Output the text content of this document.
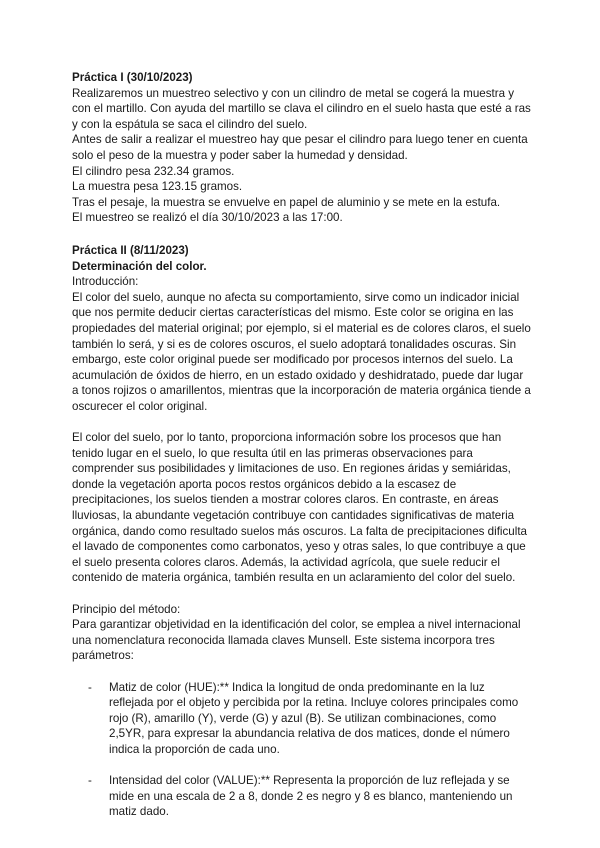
Práctica I (30/10/2023)

Realizaremos un muestreo selectivo y con un cilindro de metal se cogerá la muestra y con el martillo. Con ayuda del martillo se clava el cilindro en el suelo hasta que esté a ras y con la espátula se saca el cilindro del suelo.

Antes de salir a realizar el muestreo hay que pesar el cilindro para luego tener en cuenta solo el peso de la muestra y poder saber la humedad y densidad.

El cilindro pesa 232.34 gramos.

La muestra pesa 123.15 gramos.

Tras el pesaje, la muestra se envuelve en papel de aluminio y se mete en la estufa.

El muestreo se realizó el día 30/10/2023 a las 17:00.

Práctica II (8/11/2023)

Determinación del color.

Introducción:

El color del suelo, aunque no afecta su comportamiento, sirve como un indicador inicial que nos permite deducir ciertas características del mismo. Este color se origina en las propiedades del material original; por ejemplo, si el material es de colores claros, el suelo también lo será, y si es de colores oscuros, el suelo adoptará tonalidades oscuras. Sin embargo, este color original puede ser modificado por procesos internos del suelo. La acumulación de óxidos de hierro, en un estado oxidado y deshidratado, puede dar lugar a tonos rojizos o amarillentos, mientras que la incorporación de materia orgánica tiende a oscurecer el color original.

El color del suelo, por lo tanto, proporciona información sobre los procesos que han tenido lugar en el suelo, lo que resulta útil en las primeras observaciones para comprender sus posibilidades y limitaciones de uso. En regiones áridas y semiáridas, donde la vegetación aporta pocos restos orgánicos debido a la escasez de precipitaciones, los suelos tienden a mostrar colores claros. En contraste, en áreas lluviosas, la abundante vegetación contribuye con cantidades significativas de materia orgánica, dando como resultado suelos más oscuros. La falta de precipitaciones dificulta el lavado de componentes como carbonatos, yeso y otras sales, lo que contribuye a que el suelo presenta colores claros. Además, la actividad agrícola, que suele reducir el contenido de materia orgánica, también resulta en un aclaramiento del color del suelo.

Principio del método:

Para garantizar objetividad en la identificación del color, se emplea a nivel internacional una nomenclatura reconocida llamada claves Munsell. Este sistema incorpora tres parámetros:

- Matiz de color (HUE):** Indica la longitud de onda predominante en la luz reflejada por el objeto y percibida por la retina. Incluye colores principales como rojo (R), amarillo (Y), verde (G) y azul (B). Se utilizan combinaciones, como 2,5YR, para expresar la abundancia relativa de dos matices, donde el número indica la proporción de cada uno.
- Intensidad del color (VALUE):** Representa la proporción de luz reflejada y se mide en una escala de 2 a 8, donde 2 es negro y 8 es blanco, manteniendo un matiz dado.
